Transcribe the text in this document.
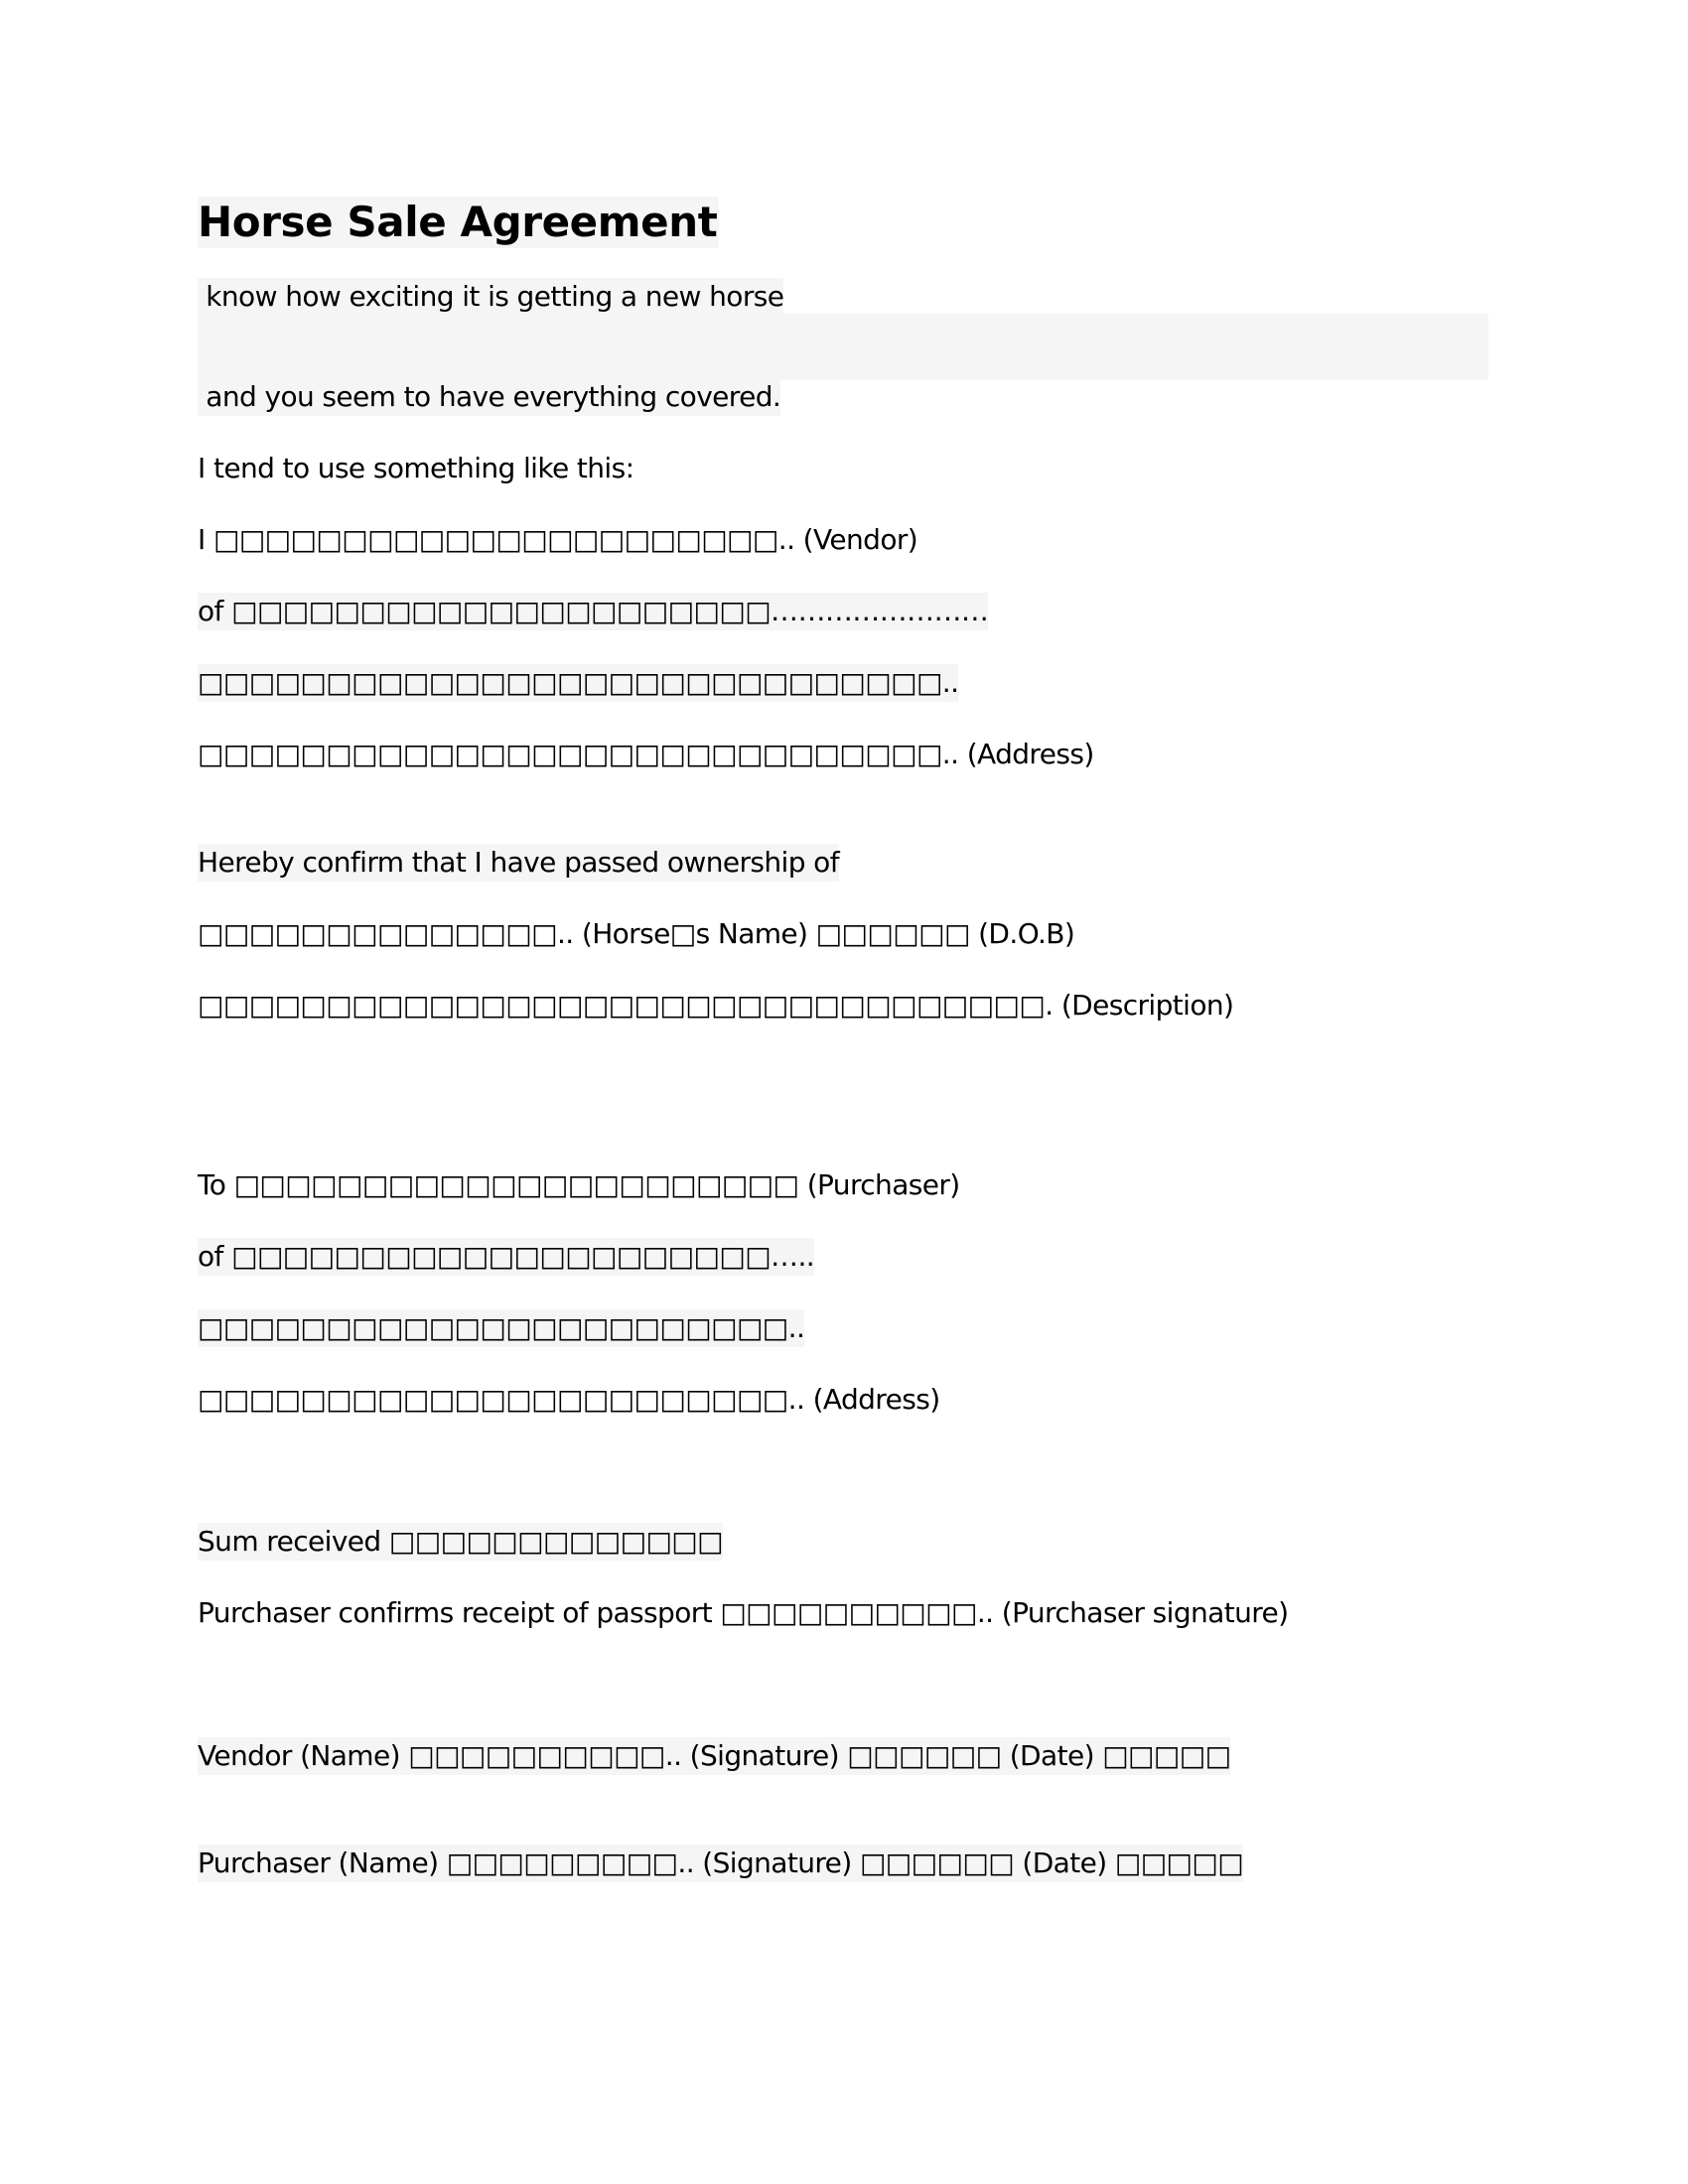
Horse Sale Agreement
know how exciting it is getting a new horse
and you seem to have everything covered.
I tend to use something like this:
I □□□□□□□□□□□□□□□□□□□□□□.. (Vendor)
of □□□□□□□□□□□□□□□□□□□□□……………………
□□□□□□□□□□□□□□□□□□□□□□□□□□□□□..
□□□□□□□□□□□□□□□□□□□□□□□□□□□□□.. (Address)
Hereby confirm that I have passed ownership of
□□□□□□□□□□□□□□.. (Horse□s Name) □□□□□□ (D.O.B)
□□□□□□□□□□□□□□□□□□□□□□□□□□□□□□□□□. (Description)
To □□□□□□□□□□□□□□□□□□□□□□ (Purchaser)
of □□□□□□□□□□□□□□□□□□□□□…..
□□□□□□□□□□□□□□□□□□□□□□□..
□□□□□□□□□□□□□□□□□□□□□□□.. (Address)
Sum received □□□□□□□□□□□□□
Purchaser confirms receipt of passport □□□□□□□□□□.. (Purchaser signature)
Vendor (Name) □□□□□□□□□□.. (Signature) □□□□□□ (Date) □□□□□
Purchaser (Name) □□□□□□□□□.. (Signature) □□□□□□ (Date) □□□□□
